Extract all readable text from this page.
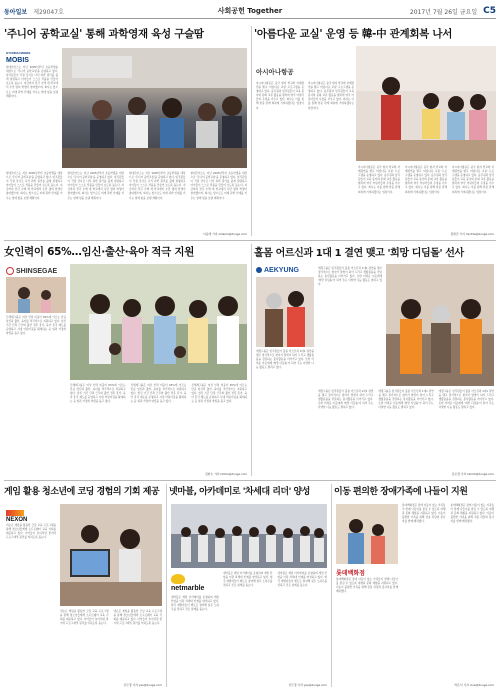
동아일보 제29047호	사회공헌 Together	2017년 7월 26일 금요일 C5
'주니어 공학교실' 통해 과학영재 육성 구슬땀
HYUNDAI MOBIS
MOBIS
현대모비스는 지난 2005년부터 초등학생을 대상으로 '주니어 공학교실'을 운영하고 있다. 임직원들이 직접 강사로 나서 과학 원리를 쉽게 설명하고 아이들이 스스로 작품을 만들어 보도록 돕는다. 지금까지 전국 수백 개 학교에서 수만 명의 학생이 참여했으며, 회사는 앞으로도 미래 과학 인재를 키우는 일에 힘을 보탤 계획이다.
현대모비스는 지난 2005년부터 초등학생을 대상으로 '주니어 공학교실'을 운영하고 있다. 임직원들이 직접 강사로 나서 과학 원리를 쉽게 설명하고 아이들이 스스로 작품을 만들어 보도록 돕는다. 지금까지 전국 수백 개 학교에서 수만 명의 학생이 참여했으며, 회사는 앞으로도 미래 과학 인재를 키우는 일에 힘을 보탤 계획이다.
현대모비스는 지난 2005년부터 초등학생을 대상으로 '주니어 공학교실'을 운영하고 있다. 임직원들이 직접 강사로 나서 과학 원리를 쉽게 설명하고 아이들이 스스로 작품을 만들어 보도록 돕는다. 지금까지 전국 수백 개 학교에서 수만 명의 학생이 참여했으며, 회사는 앞으로도 미래 과학 인재를 키우는 일에 힘을 보탤 계획이다.
현대모비스는 지난 2005년부터 초등학생을 대상으로 '주니어 공학교실'을 운영하고 있다. 임직원들이 직접 강사로 나서 과학 원리를 쉽게 설명하고 아이들이 스스로 작품을 만들어 보도록 돕는다. 지금까지 전국 수백 개 학교에서 수만 명의 학생이 참여했으며, 회사는 앞으로도 미래 과학 인재를 키우는 일에 힘을 보탤 계획이다.
현대모비스는 지난 2005년부터 초등학생을 대상으로 '주니어 공학교실'을 운영하고 있다. 임직원들이 직접 강사로 나서 과학 원리를 쉽게 설명하고 아이들이 스스로 작품을 만들어 보도록 돕는다. 지금까지 전국 수백 개 학교에서 수만 명의 학생이 참여했으며, 회사는 앞으로도 미래 과학 인재를 키우는 일에 힘을 보탤 계획이다.
이윤태 기자 oldsam@donga.com
'아름다운 교실' 운영 등 韓-中 관계회복 나서
아시아나항공
아시아나항공은 중국 현지 학교와 자매결연을 맺고 '아름다운 교실' 프로그램을 운영하고 있다. 승무원과 임직원들이 교육 봉사와 문화 교류 활동을 펼치며 양국 어린이들의 우정을 키우고 있다. 회사는 이를 통해 한중 관계 회복에 기여하겠다는 입장이다.
아시아나항공은 중국 현지 학교와 자매결연을 맺고 '아름다운 교실' 프로그램을 운영하고 있다. 승무원과 임직원들이 교육 봉사와 문화 교류 활동을 펼치며 양국 어린이들의 우정을 키우고 있다. 회사는 이를 통해 한중 관계 회복에 기여하겠다는 입장이다.
아시아나항공은 중국 현지 학교와 자매결연을 맺고 '아름다운 교실' 프로그램을 운영하고 있다. 승무원과 임직원들이 교육 봉사와 문화 교류 활동을 펼치며 양국 어린이들의 우정을 키우고 있다. 회사는 이를 통해 한중 관계 회복에 기여하겠다는 입장이다.
아시아나항공은 중국 현지 학교와 자매결연을 맺고 '아름다운 교실' 프로그램을 운영하고 있다. 승무원과 임직원들이 교육 봉사와 문화 교류 활동을 펼치며 양국 어린이들의 우정을 키우고 있다. 회사는 이를 통해 한중 관계 회복에 기여하겠다는 입장이다.
아시아나항공은 중국 현지 학교와 자매결연을 맺고 '아름다운 교실' 프로그램을 운영하고 있다. 승무원과 임직원들이 교육 봉사와 문화 교류 활동을 펼치며 양국 어린이들의 우정을 키우고 있다. 회사는 이를 통해 한중 관계 회복에 기여하겠다는 입장이다.
정세진 기자 mint4a@donga.com
女인력이 65%…임신·출산·육아 적극 지원
SHINSEGAE
신세계그룹은 여성 인력 비중이 65%에 이르는 만큼 임신과 출산, 육아를 적극적으로 지원하고 있다. 임신 기간 단축 근무와 출산 전후 휴가, 육아 휴직 제도를 운영하고 사내 어린이집을 확대하는 등 일과 가정의 양립을 돕고 있다.
신세계그룹은 여성 인력 비중이 65%에 이르는 만큼 임신과 출산, 육아를 적극적으로 지원하고 있다. 임신 기간 단축 근무와 출산 전후 휴가, 육아 휴직 제도를 운영하고 사내 어린이집을 확대하는 등 일과 가정의 양립을 돕고 있다.
신세계그룹은 여성 인력 비중이 65%에 이르는 만큼 임신과 출산, 육아를 적극적으로 지원하고 있다. 임신 기간 단축 근무와 출산 전후 휴가, 육아 휴직 제도를 운영하고 사내 어린이집을 확대하는 등 일과 가정의 양립을 돕고 있다.
신세계그룹은 여성 인력 비중이 65%에 이르는 만큼 임신과 출산, 육아를 적극적으로 지원하고 있다. 임신 기간 단축 근무와 출산 전후 휴가, 육아 휴직 제도를 운영하고 사내 어린이집을 확대하는 등 일과 가정의 양립을 돕고 있다.
김현수 기자 kimhs@donga.com
홀몸 어르신과 1대 1 결연 맺고 '희망 디딤돌' 선사
AEKYUNG	애경그룹은 임직원들이 홀몸 어르신과 1대1 결연을 맺고 정기적으로 찾아가 말벗이 되어 드리고 생활용품을 전달하는 봉사활동을 이어가고 있다. 또한 어려운 이웃에게 '희망 디딤돌'이 되어 주는 다양한 나눔 활동도 펼치고 있다.
애경그룹은 임직원들이 홀몸 어르신과 1대1 결연을 맺고 정기적으로 찾아가 말벗이 되어 드리고 생활용품을 전달하는 봉사활동을 이어가고 있다. 또한 어려운 이웃에게 '희망 디딤돌'이 되어 주는 다양한 나눔 활동도 펼치고 있다.
애경그룹은 임직원들이 홀몸 어르신과 1대1 결연을 맺고 정기적으로 찾아가 말벗이 되어 드리고 생활용품을 전달하는 봉사활동을 이어가고 있다. 또한 어려운 이웃에게 '희망 디딤돌'이 되어 주는 다양한 나눔 활동도 펼치고 있다.
애경그룹은 임직원들이 홀몸 어르신과 1대1 결연을 맺고 정기적으로 찾아가 말벗이 되어 드리고 생활용품을 전달하는 봉사활동을 이어가고 있다. 또한 어려운 이웃에게 '희망 디딤돌'이 되어 주는 다양한 나눔 활동도 펼치고 있다.
애경그룹은 임직원들이 홀몸 어르신과 1대1 결연을 맺고 정기적으로 찾아가 말벗이 되어 드리고 생활용품을 전달하는 봉사활동을 이어가고 있다. 또한 어려운 이웃에게 '희망 디딤돌'이 되어 주는 다양한 나눔 활동도 펼치고 있다.
김호경 기자 kimhk@donga.com
게임 활용 청소년에 코딩 경험의 기회 제공
NEXON
넥슨은 게임을 활용한 코딩 교육 프로그램을 통해 청소년들에게 소프트웨어 교육 기회를 제공하고 있다. 아이들이 놀이처럼 즐기며 프로그래밍 원리를 익히도록 돕는다.
넥슨은 게임을 활용한 코딩 교육 프로그램을 통해 청소년들에게 소프트웨어 교육 기회를 제공하고 있다. 아이들이 놀이처럼 즐기며 프로그래밍 원리를 익히도록 돕는다.
넥슨은 게임을 활용한 코딩 교육 프로그램을 통해 청소년들에게 소프트웨어 교육 기회를 제공하고 있다. 아이들이 놀이처럼 즐기며 프로그래밍 원리를 익히도록 돕는다.
신무경 기자 yes@donga.com
넷마블, 아카데미로 '차세대 리더' 양성
netmarble
넷마블은 게임 아카데미를 운영하며 게임 산업을 이끌 차세대 인재를 양성하고 있다. 현직 개발자들이 멘토로 참여해 실무 노하우를 전하고 진로 설계를 돕는다.
넷마블은 게임 아카데미를 운영하며 게임 산업을 이끌 차세대 인재를 양성하고 있다. 현직 개발자들이 멘토로 참여해 실무 노하우를 전하고 진로 설계를 돕는다.
넷마블은 게임 아카데미를 운영하며 게임 산업을 이끌 차세대 인재를 양성하고 있다. 현직 개발자들이 멘토로 참여해 실무 노하우를 전하고 진로 설계를 돕는다.
신무경 기자 yes@donga.com
이동 편의한 장애가족에 나들이 지원
롯데백화점
롯데백화점은 장애 아동이 있는 가족들이 함께 나들이를 즐길 수 있도록 여행과 문화 체험을 지원하고 있다. 이동이 불편한 가족을 위해 전용 차량과 봉사자를 함께 배치했다.
롯데백화점은 장애 아동이 있는 가족들이 함께 나들이를 즐길 수 있도록 여행과 문화 체험을 지원하고 있다. 이동이 불편한 가족을 위해 전용 차량과 봉사자를 함께 배치했다.
롯데백화점은 장애 아동이 있는 가족들이 함께 나들이를 즐길 수 있도록 여행과 문화 체험을 지원하고 있다. 이동이 불편한 가족을 위해 전용 차량과 봉사자를 함께 배치했다.
박은서 기자 clue@donga.com
